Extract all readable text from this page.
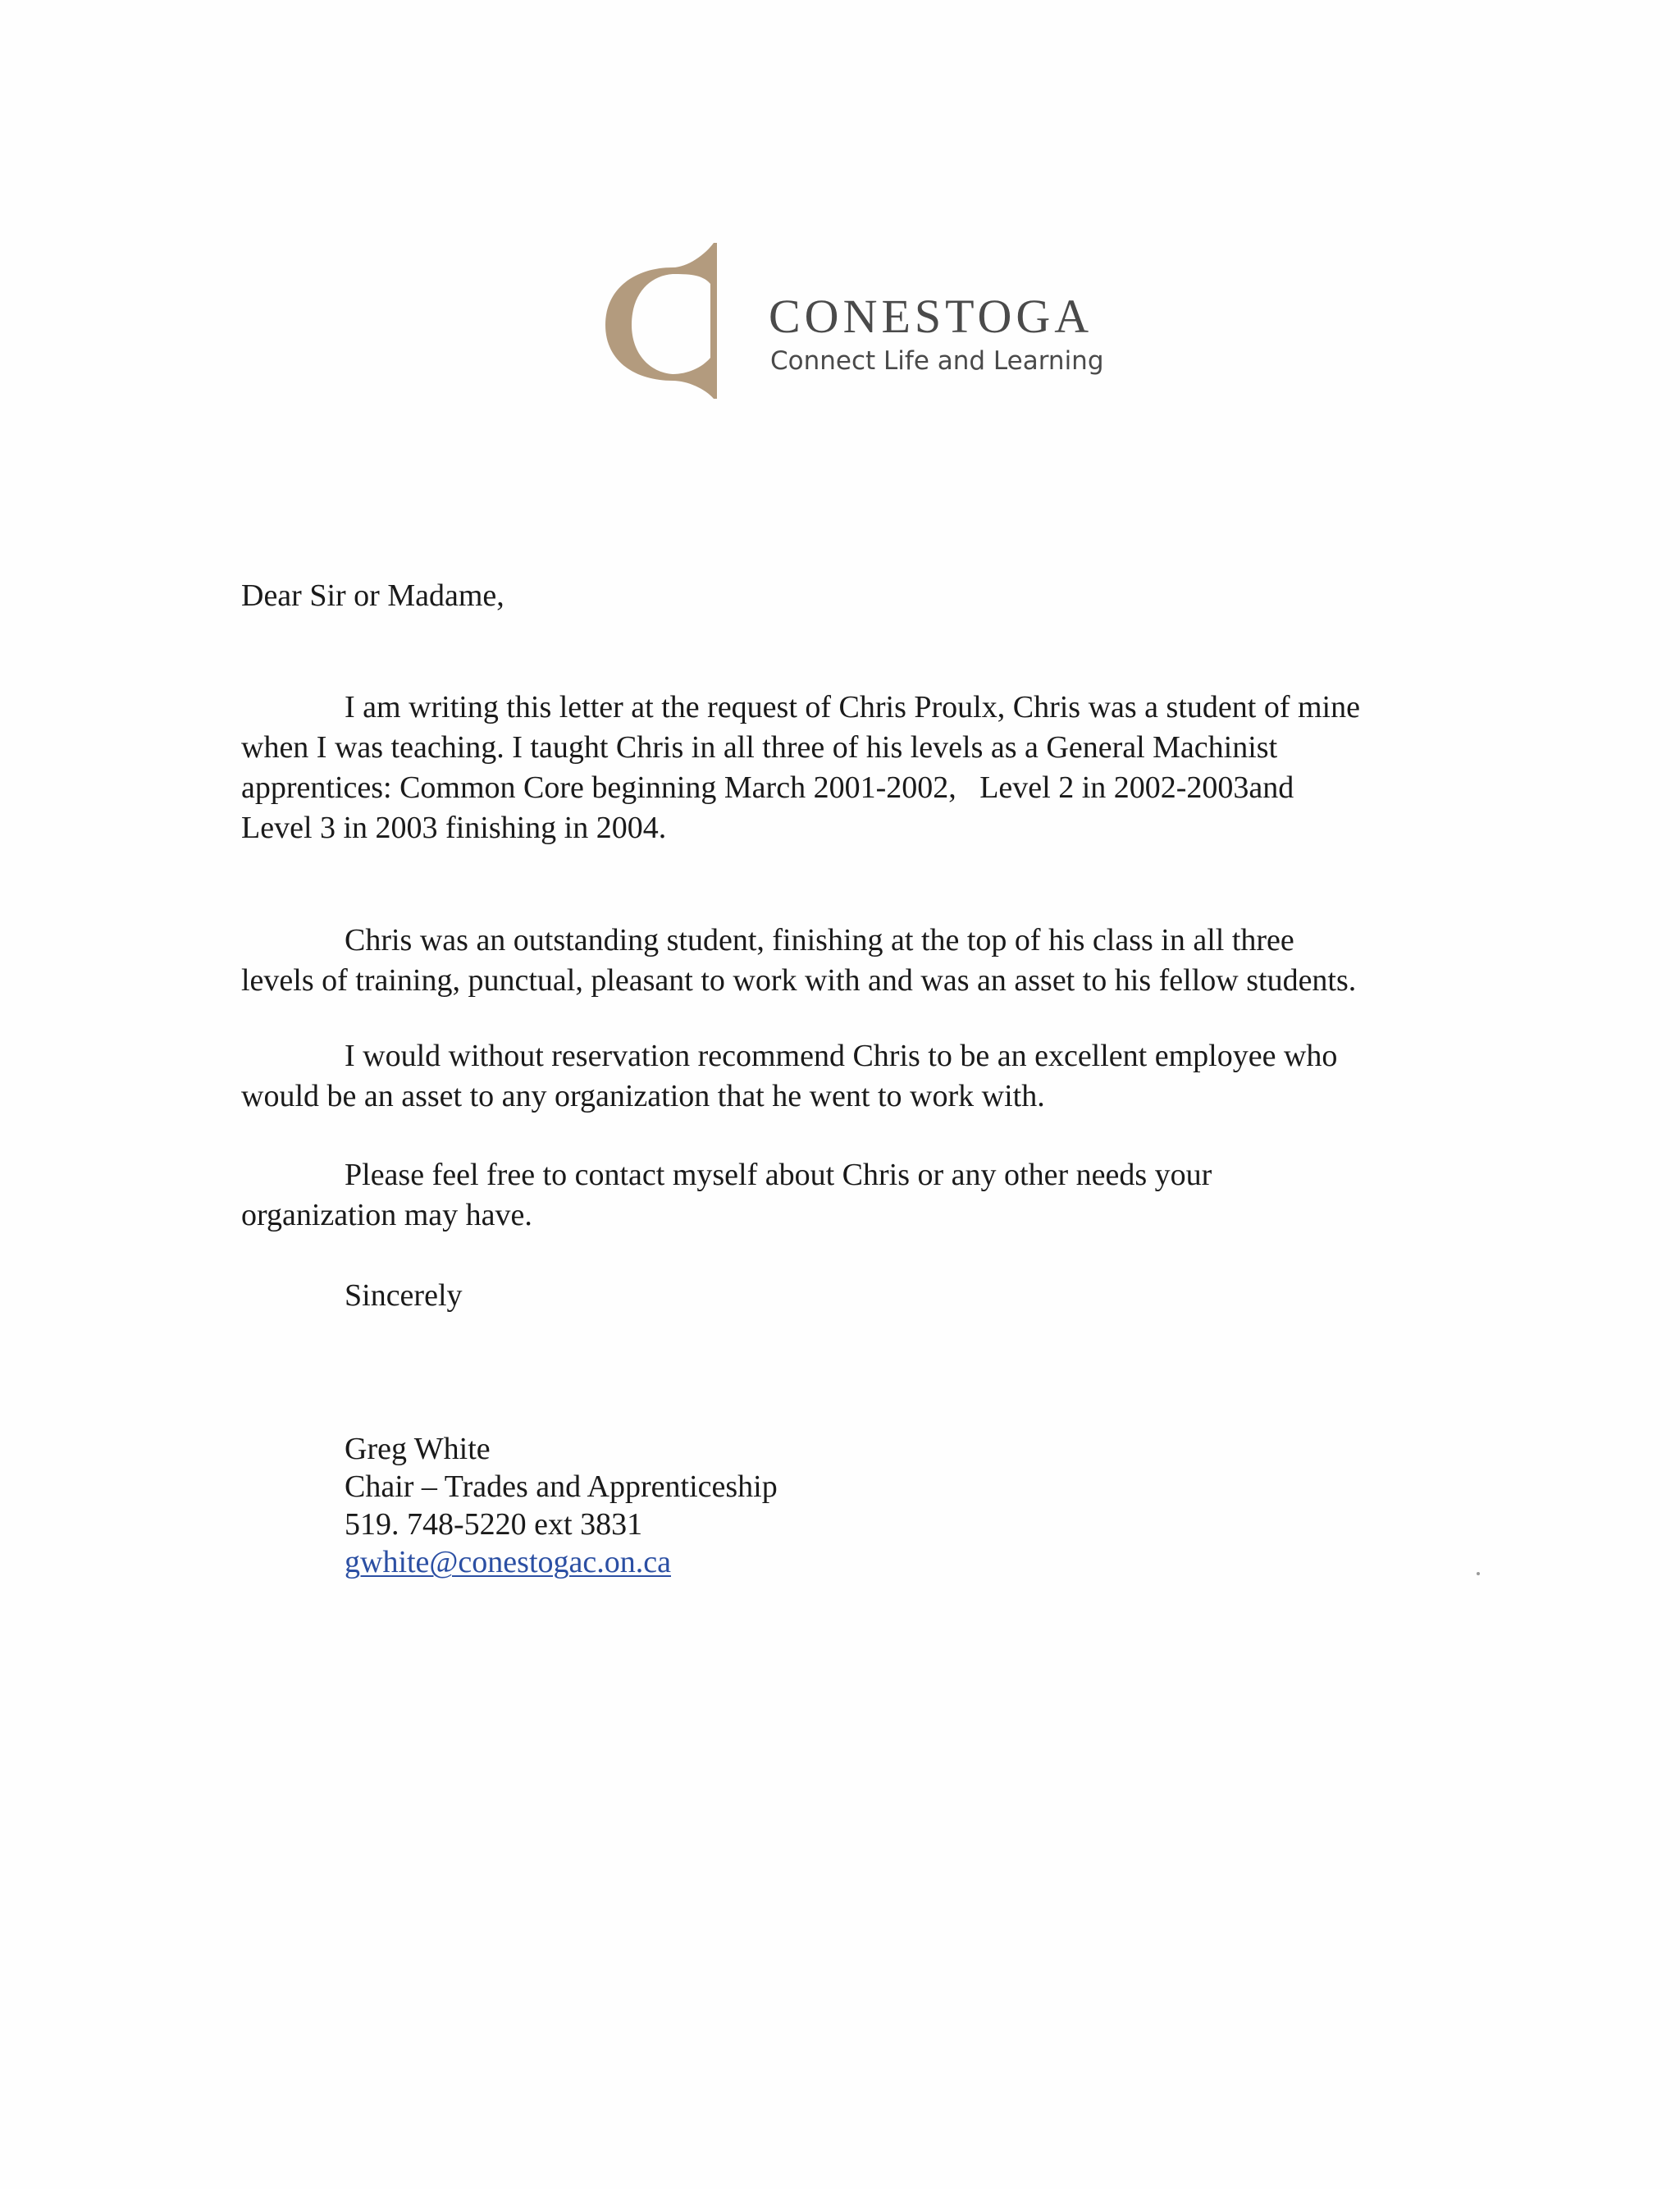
CONESTOGA
Connect Life and Learning

Dear Sir or Madame,

I am writing this letter at the request of Chris Proulx, Chris was a student of mine
when I was teaching. I taught Chris in all three of his levels as a General Machinist
apprentices: Common Core beginning March 2001-2002,   Level 2 in 2002-2003and
Level 3 in 2003 finishing in 2004.
Chris was an outstanding student, finishing at the top of his class in all three
levels of training, punctual, pleasant to work with and was an asset to his fellow students.
I would without reservation recommend Chris to be an excellent employee who
would be an asset to any organization that he went to work with.
Please feel free to contact myself about Chris or any other needs your
organization may have.

Sincerely

Greg White
Chair – Trades and Apprenticeship
519. 748-5220 ext 3831
gwhite@conestogac.on.ca
